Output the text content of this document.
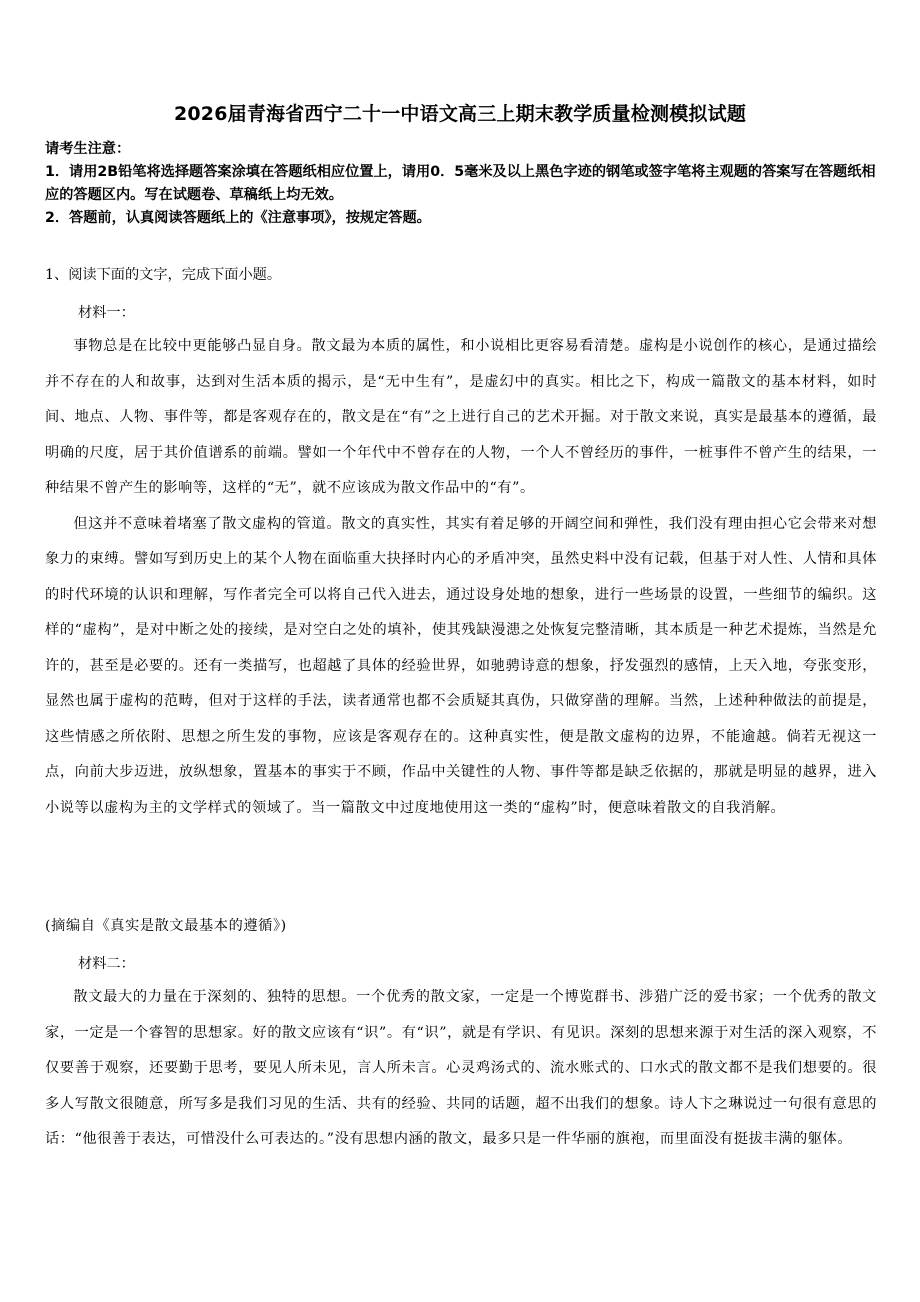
2026届青海省西宁二十一中语文高三上期末教学质量检测模拟试题
请考生注意：
1．请用2B铅笔将选择题答案涂填在答题纸相应位置上，请用0．5毫米及以上黑色字迹的钢笔或签字笔将主观题的答案写在答题纸相应的答题区内。写在试题卷、草稿纸上均无效。
2．答题前，认真阅读答题纸上的《注意事项》，按规定答题。
1、阅读下面的文字，完成下面小题。
材料一：

事物总是在比较中更能够凸显自身。散文最为本质的属性，和小说相比更容易看清楚。虚构是小说创作的核心，是通过描绘并不存在的人和故事，达到对生活本质的揭示，是“无中生有”，是虚幻中的真实。相比之下，构成一篇散文的基本材料，如时间、地点、人物、事件等，都是客观存在的，散文是在“有”之上进行自己的艺术开掘。对于散文来说，真实是最基本的遵循，最明确的尺度，居于其价值谱系的前端。譬如一个年代中不曾存在的人物，一个人不曾经历的事件，一桩事件不曾产生的结果，一种结果不曾产生的影响等，这样的“无”，就不应该成为散文作品中的“有”。

但这并不意味着堵塞了散文虚构的管道。散文的真实性，其实有着足够的开阔空间和弹性，我们没有理由担心它会带来对想象力的束缚。譬如写到历史上的某个人物在面临重大抉择时内心的矛盾冲突，虽然史料中没有记载，但基于对人性、人情和具体的时代环境的认识和理解，写作者完全可以将自己代入进去，通过设身处地的想象，进行一些场景的设置，一些细节的编织。这样的“虚构”，是对中断之处的接续，是对空白之处的填补，使其残缺漫漶之处恢复完整清晰，其本质是一种艺术提炼，当然是允许的，甚至是必要的。还有一类描写，也超越了具体的经验世界，如驰骋诗意的想象，抒发强烈的感情，上天入地，夸张变形，显然也属于虚构的范畴，但对于这样的手法，读者通常也都不会质疑其真伪，只做穿凿的理解。当然，上述种种做法的前提是，这些情感之所依附、思想之所生发的事物，应该是客观存在的。这种真实性，便是散文虚构的边界，不能逾越。倘若无视这一点，向前大步迈进，放纵想象，置基本的事实于不顾，作品中关键性的人物、事件等都是缺乏依据的，那就是明显的越界，进入小说等以虚构为主的文学样式的领域了。当一篇散文中过度地使用这一类的“虚构”时，便意味着散文的自我消解。

(摘编自《真实是散文最基本的遵循》)
材料二：

散文最大的力量在于深刻的、独特的思想。一个优秀的散文家，一定是一个博览群书、涉猎广泛的爱书家；一个优秀的散文家，一定是一个睿智的思想家。好的散文应该有“识”。有“识”，就是有学识、有见识。深刻的思想来源于对生活的深入观察，不仅要善于观察，还要勤于思考，要见人所未见，言人所未言。心灵鸡汤式的、流水账式的、口水式的散文都不是我们想要的。很多人写散文很随意，所写多是我们习见的生活、共有的经验、共同的话题，超不出我们的想象。诗人卞之琳说过一句很有意思的话：“他很善于表达，可惜没什么可表达的。”没有思想内涵的散文，最多只是一件华丽的旗袍，而里面没有挺拔丰满的躯体。
